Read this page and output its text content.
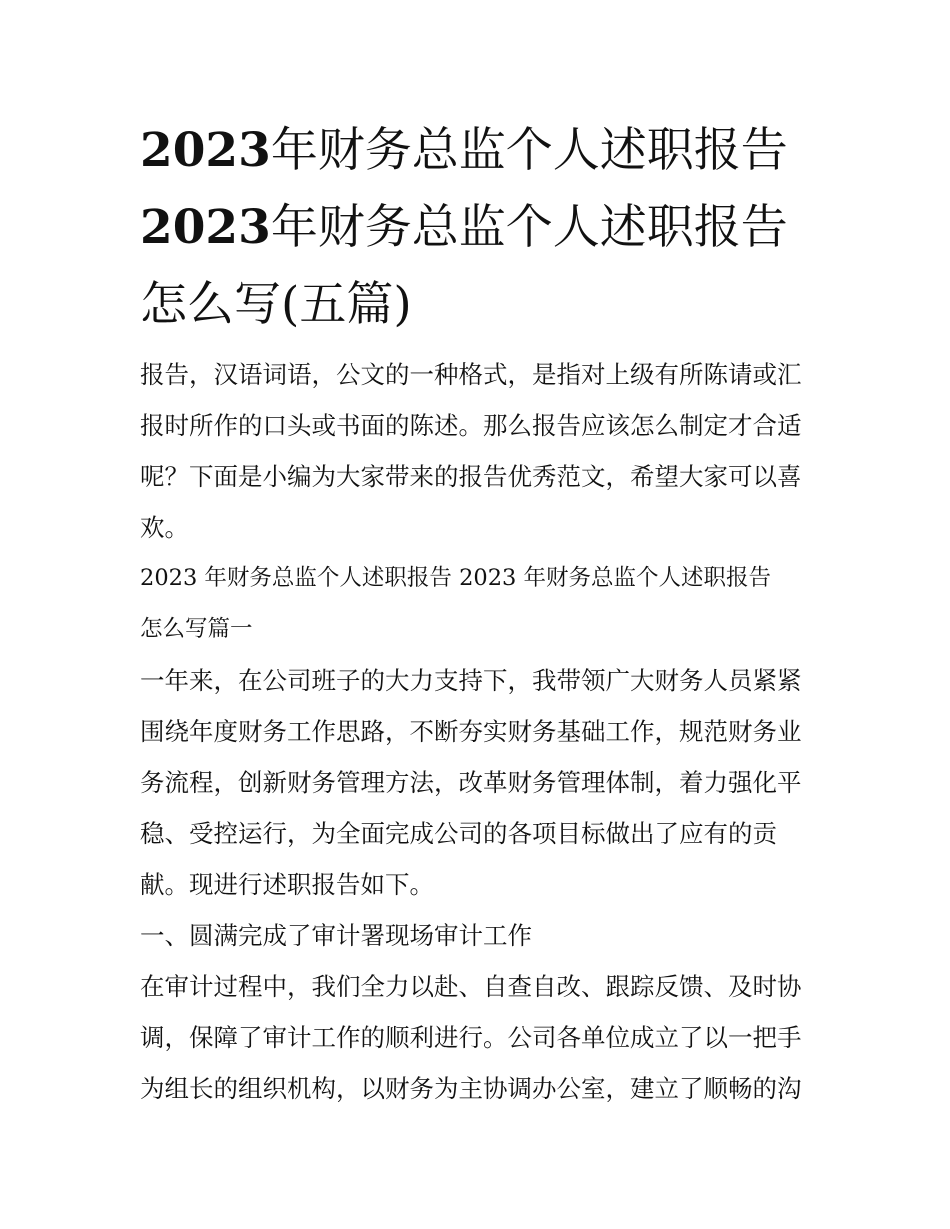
2023年财务总监个人述职报告
2023年财务总监个人述职报告
怎么写(五篇)
报告，汉语词语，公文的一种格式，是指对上级有所陈请或汇
报时所作的口头或书面的陈述。那么报告应该怎么制定才合适
呢？下面是小编为大家带来的报告优秀范文，希望大家可以喜
欢。
2023 年财务总监个人述职报告 2023 年财务总监个人述职报告
怎么写篇一
一年来，在公司班子的大力支持下，我带领广大财务人员紧紧
围绕年度财务工作思路，不断夯实财务基础工作，规范财务业
务流程，创新财务管理方法，改革财务管理体制，着力强化平
稳、受控运行，为全面完成公司的各项目标做出了应有的贡
献。现进行述职报告如下。
一、圆满完成了审计署现场审计工作
在审计过程中，我们全力以赴、自查自改、跟踪反馈、及时协
调，保障了审计工作的顺利进行。公司各单位成立了以一把手
为组长的组织机构，以财务为主协调办公室，建立了顺畅的沟
